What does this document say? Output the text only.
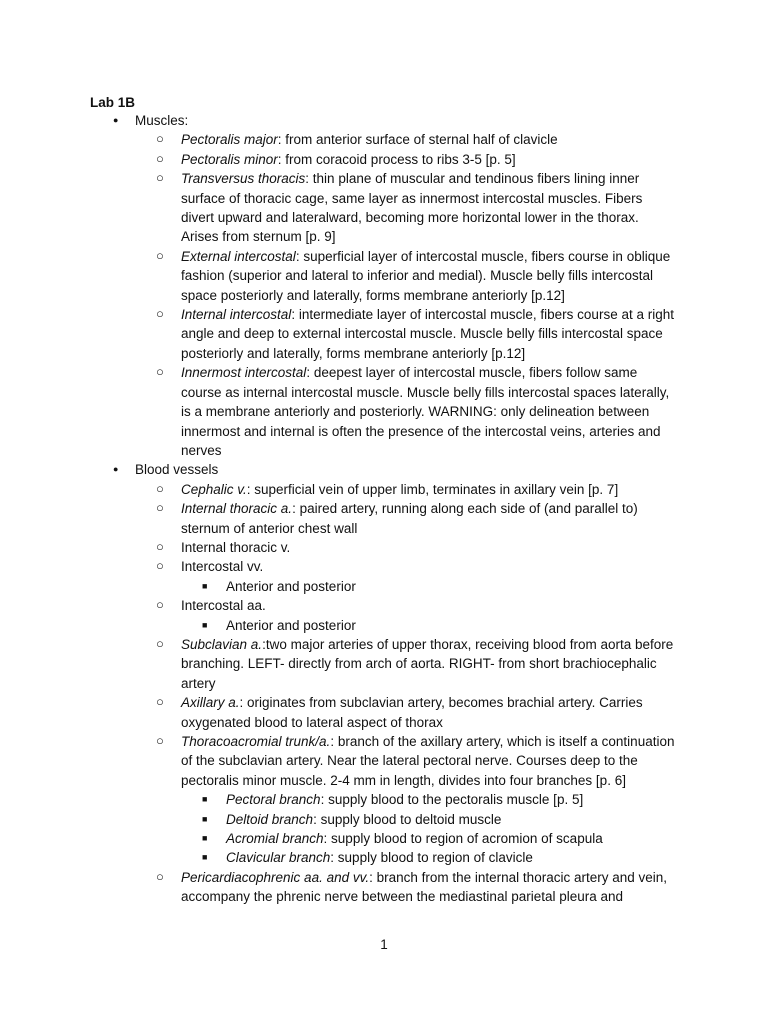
Lab 1B
● Muscles:
○ Pectoralis major: from anterior surface of sternal half of clavicle
○ Pectoralis minor: from coracoid process to ribs 3-5 [p. 5]
○ Transversus thoracis: thin plane of muscular and tendinous fibers lining inner surface of thoracic cage, same layer as innermost intercostal muscles. Fibers divert upward and lateralward, becoming more horizontal lower in the thorax. Arises from sternum [p. 9]
○ External intercostal: superficial layer of intercostal muscle, fibers course in oblique fashion (superior and lateral to inferior and medial). Muscle belly fills intercostal space posteriorly and laterally, forms membrane anteriorly [p.12]
○ Internal intercostal: intermediate layer of intercostal muscle, fibers course at a right angle and deep to external intercostal muscle. Muscle belly fills intercostal space posteriorly and laterally, forms membrane anteriorly [p.12]
○ Innermost intercostal: deepest layer of intercostal muscle, fibers follow same course as internal intercostal muscle. Muscle belly fills intercostal spaces laterally, is a membrane anteriorly and posteriorly. WARNING: only delineation between innermost and internal is often the presence of the intercostal veins, arteries and nerves
● Blood vessels
○ Cephalic v.: superficial vein of upper limb, terminates in axillary vein [p. 7]
○ Internal thoracic a.: paired artery, running along each side of (and parallel to) sternum of anterior chest wall
○ Internal thoracic v.
○ Intercostal vv.
■ Anterior and posterior
○ Intercostal aa.
■ Anterior and posterior
○ Subclavian a.:two major arteries of upper thorax, receiving blood from aorta before branching. LEFT- directly from arch of aorta. RIGHT- from short brachiocephalic artery
○ Axillary a.: originates from subclavian artery, becomes brachial artery. Carries oxygenated blood to lateral aspect of thorax
○ Thoracoacromial trunk/a.: branch of the axillary artery, which is itself a continuation of the subclavian artery. Near the lateral pectoral nerve. Courses deep to the pectoralis minor muscle. 2-4 mm in length, divides into four branches [p. 6]
■ Pectoral branch: supply blood to the pectoralis muscle [p. 5]
■ Deltoid branch: supply blood to deltoid muscle
■ Acromial branch: supply blood to region of acromion of scapula
■ Clavicular branch: supply blood to region of clavicle
○ Pericardiacophrenic aa. and vv.: branch from the internal thoracic artery and vein, accompany the phrenic nerve between the mediastinal parietal pleura and
1
